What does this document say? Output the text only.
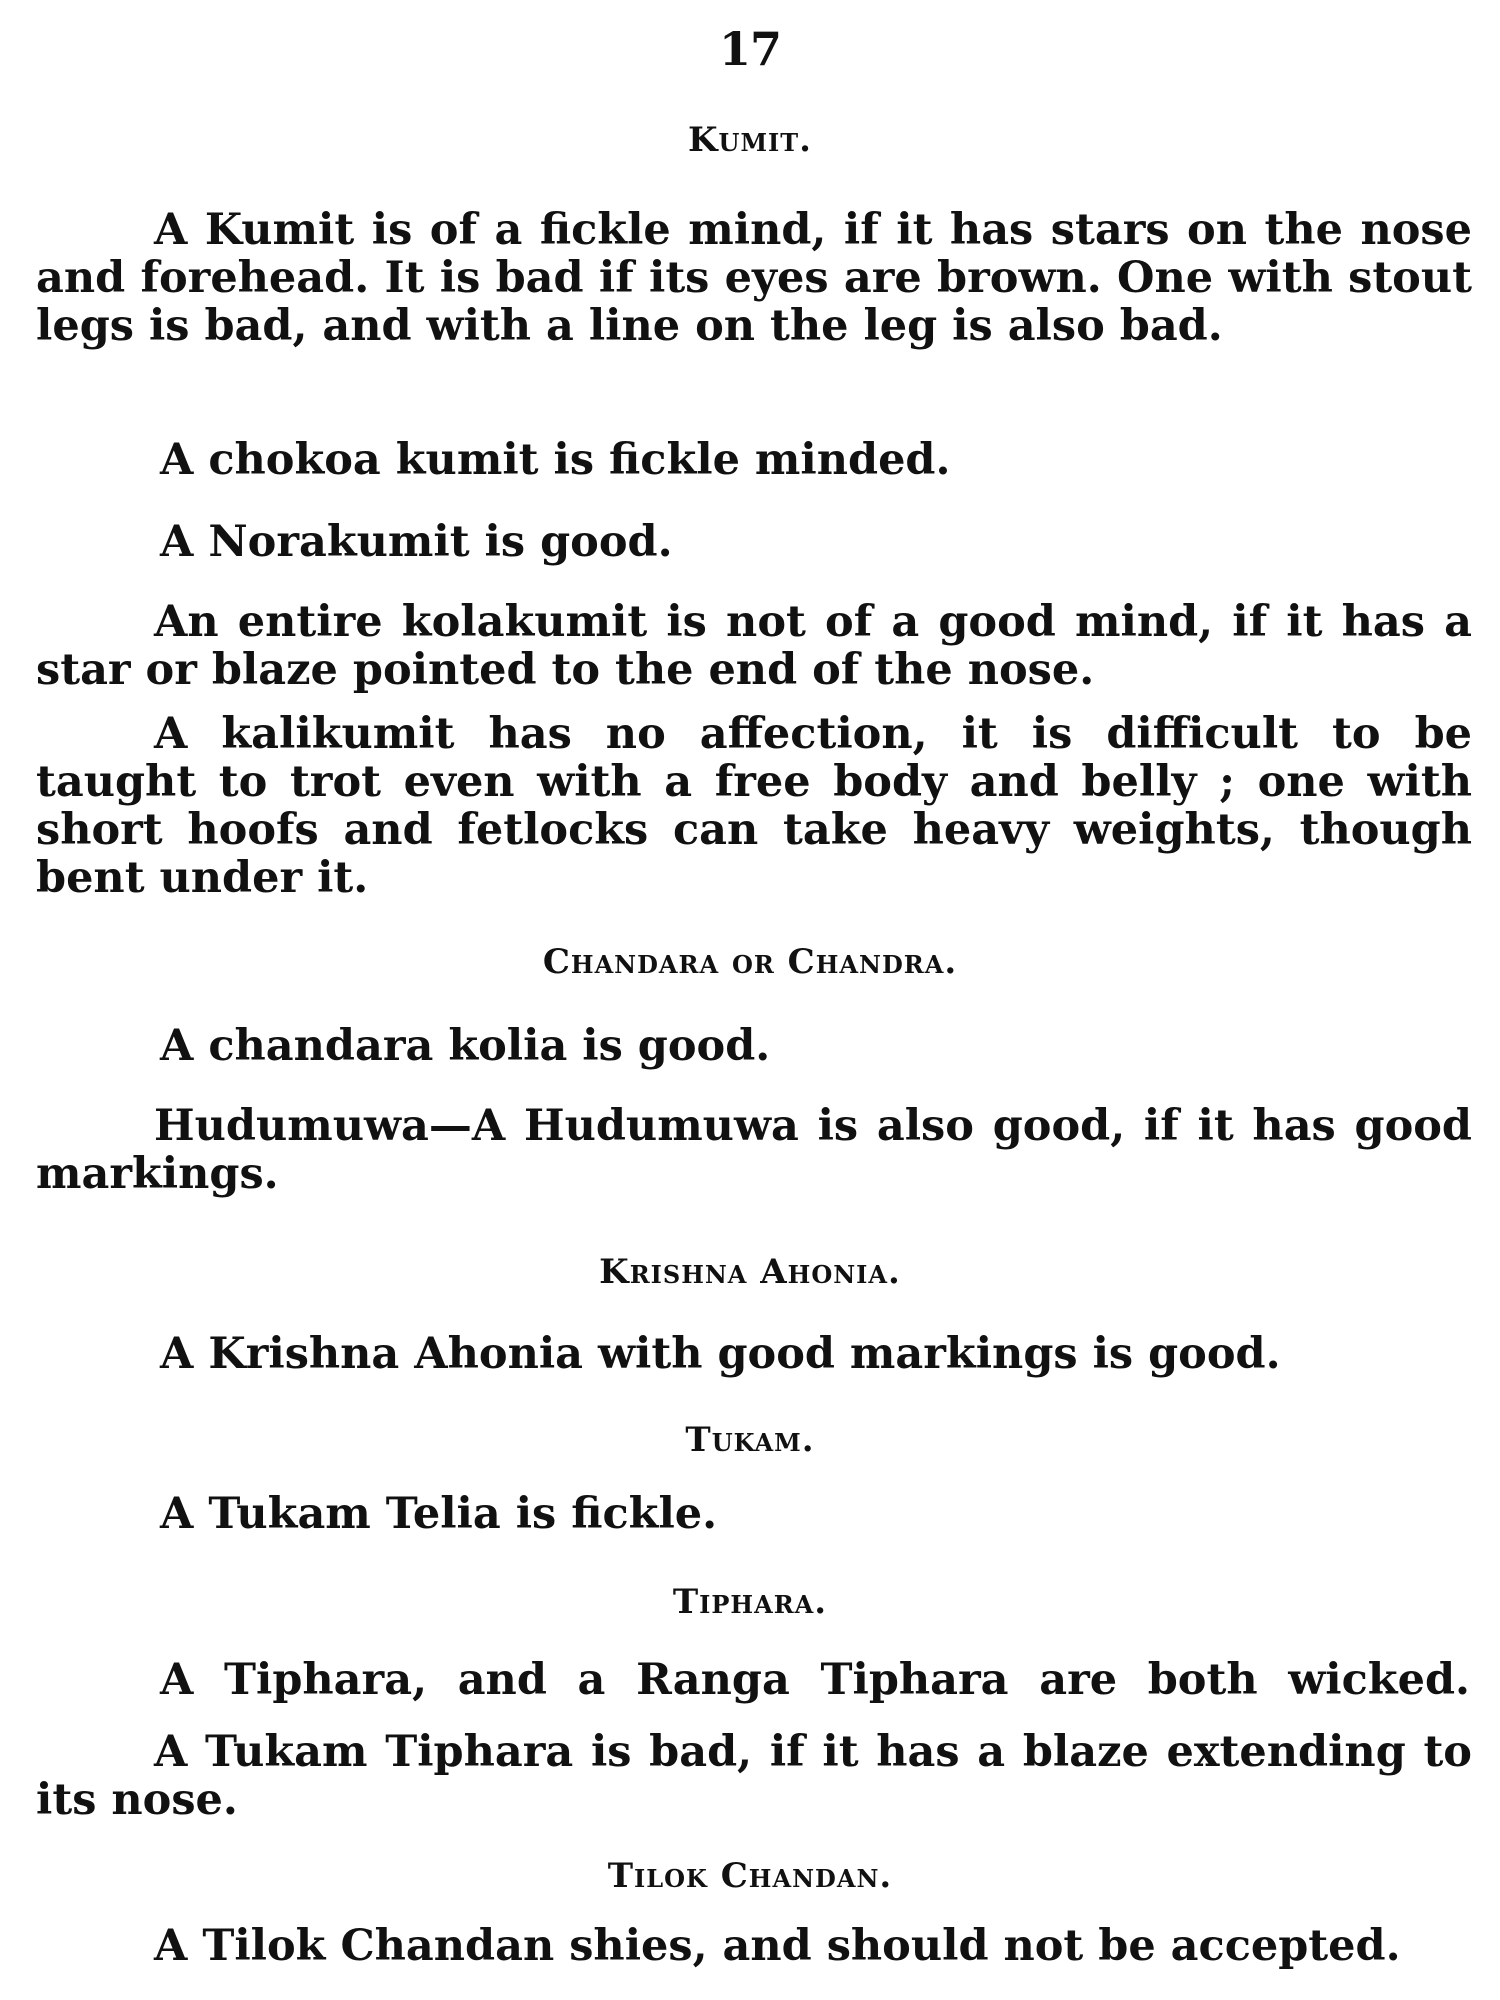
17
Kumit.
A Kumit is of a fickle mind, if it has stars on the nose and forehead. It is bad if its eyes are brown. One with stout legs is bad, and with a line on the leg is also bad.
A chokoa kumit is fickle minded.
A Norakumit is good.
An entire kolakumit is not of a good mind, if it has a star or blaze pointed to the end of the nose.
A kalikumit has no affection, it is difficult to be taught to trot even with a free body and belly ; one with short hoofs and fetlocks can take heavy weights, though bent under it.
Chandara or Chandra.
A chandara kolia is good.
Hudumuwa—A Hudumuwa is also good, if it has good markings.
Krishna Ahonia.
A Krishna Ahonia with good markings is good.
Tukam.
A Tukam Telia is fickle.
Tiphara.
A Tiphara, and a Ranga Tiphara are both wicked.
A Tukam Tiphara is bad, if it has a blaze extending to its nose.
Tilok Chandan.
A Tilok Chandan shies, and should not be accepted.
